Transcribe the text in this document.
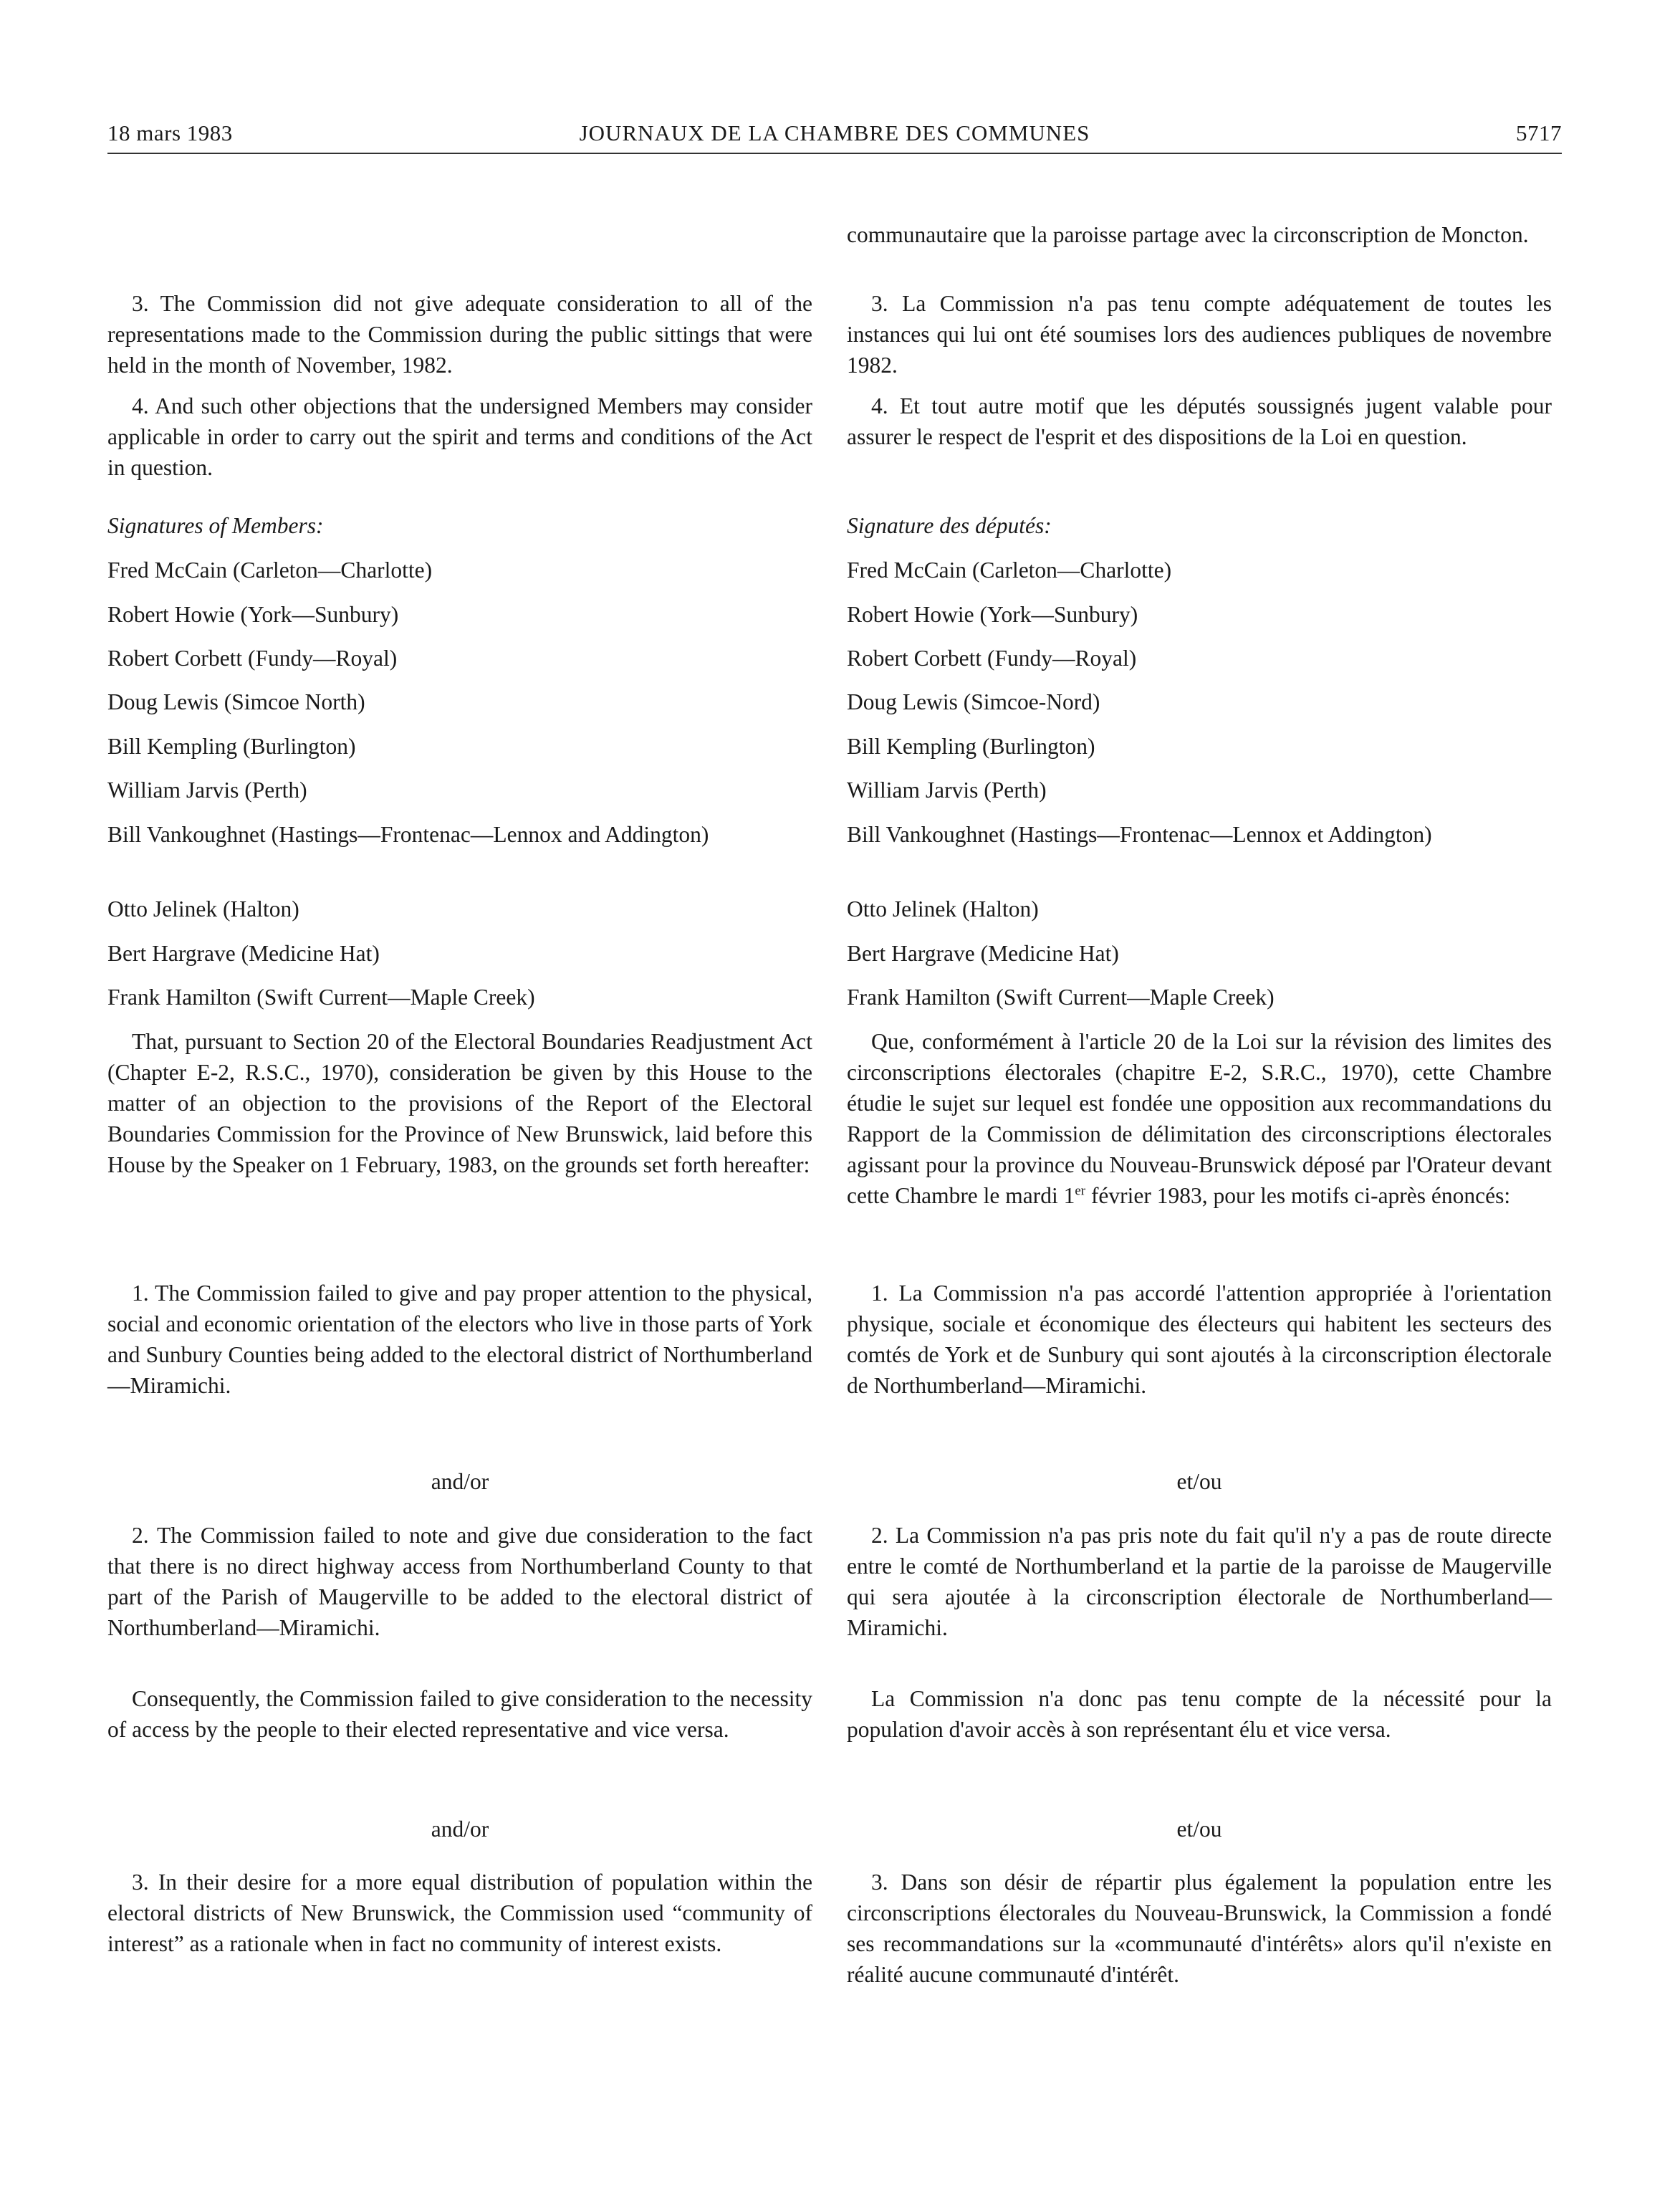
18 mars 1983	JOURNAUX DE LA CHAMBRE DES COMMUNES	5717

3. The Commission did not give adequate consideration to all of the representations made to the Commission during the public sittings that were held in the month of November, 1982.

4. And such other objections that the undersigned Members may consider applicable in order to carry out the spirit and terms and conditions of the Act in question.

Signatures of Members:

Fred McCain (Carleton—Charlotte)

Robert Howie (York—Sunbury)

Robert Corbett (Fundy—Royal)

Doug Lewis (Simcoe North)

Bill Kempling (Burlington)

William Jarvis (Perth)

Bill Vankoughnet (Hastings—Frontenac—Lennox and Addington)

Otto Jelinek (Halton)

Bert Hargrave (Medicine Hat)

Frank Hamilton (Swift Current—Maple Creek)

That, pursuant to Section 20 of the Electoral Boundaries Readjustment Act (Chapter E-2, R.S.C., 1970), consideration be given by this House to the matter of an objection to the provisions of the Report of the Electoral Boundaries Commission for the Province of New Brunswick, laid before this House by the Speaker on 1 February, 1983, on the grounds set forth hereafter:

1. The Commission failed to give and pay proper attention to the physical, social and economic orientation of the electors who live in those parts of York and Sunbury Counties being added to the electoral district of Northumberland—Miramichi.

and/or

2. The Commission failed to note and give due consideration to the fact that there is no direct highway access from Northumberland County to that part of the Parish of Maugerville to be added to the electoral district of Northumberland—Miramichi.

Consequently, the Commission failed to give consideration to the necessity of access by the people to their elected representative and vice versa.

and/or

3. In their desire for a more equal distribution of population within the electoral districts of New Brunswick, the Commission used “community of interest” as a rationale when in fact no community of interest exists.

communautaire que la paroisse partage avec la circonscription de Moncton.

3. La Commission n'a pas tenu compte adéquatement de toutes les instances qui lui ont été soumises lors des audiences publiques de novembre 1982.

4. Et tout autre motif que les députés soussignés jugent valable pour assurer le respect de l'esprit et des dispositions de la Loi en question.

Signature des députés:

Fred McCain (Carleton—Charlotte)

Robert Howie (York—Sunbury)

Robert Corbett (Fundy—Royal)

Doug Lewis (Simcoe-Nord)

Bill Kempling (Burlington)

William Jarvis (Perth)

Bill Vankoughnet (Hastings—Frontenac—Lennox et Addington)

Otto Jelinek (Halton)

Bert Hargrave (Medicine Hat)

Frank Hamilton (Swift Current—Maple Creek)

Que, conformément à l'article 20 de la Loi sur la révision des limites des circonscriptions électorales (chapitre E-2, S.R.C., 1970), cette Chambre étudie le sujet sur lequel est fondée une opposition aux recommandations du Rapport de la Commission de délimitation des circonscriptions électorales agissant pour la province du Nouveau-Brunswick déposé par l'Orateur devant cette Chambre le mardi 1er février 1983, pour les motifs ci-après énoncés:

1. La Commission n'a pas accordé l'attention appropriée à l'orientation physique, sociale et économique des électeurs qui habitent les secteurs des comtés de York et de Sunbury qui sont ajoutés à la circonscription électorale de Northumberland—Miramichi.

et/ou

2. La Commission n'a pas pris note du fait qu'il n'y a pas de route directe entre le comté de Northumberland et la partie de la paroisse de Maugerville qui sera ajoutée à la circonscription électorale de Northumberland—Miramichi.

La Commission n'a donc pas tenu compte de la nécessité pour la population d'avoir accès à son représentant élu et vice versa.

et/ou

3. Dans son désir de répartir plus également la population entre les circonscriptions électorales du Nouveau-Brunswick, la Commission a fondé ses recommandations sur la «communauté d'intérêts» alors qu'il n'existe en réalité aucune communauté d'intérêt.
